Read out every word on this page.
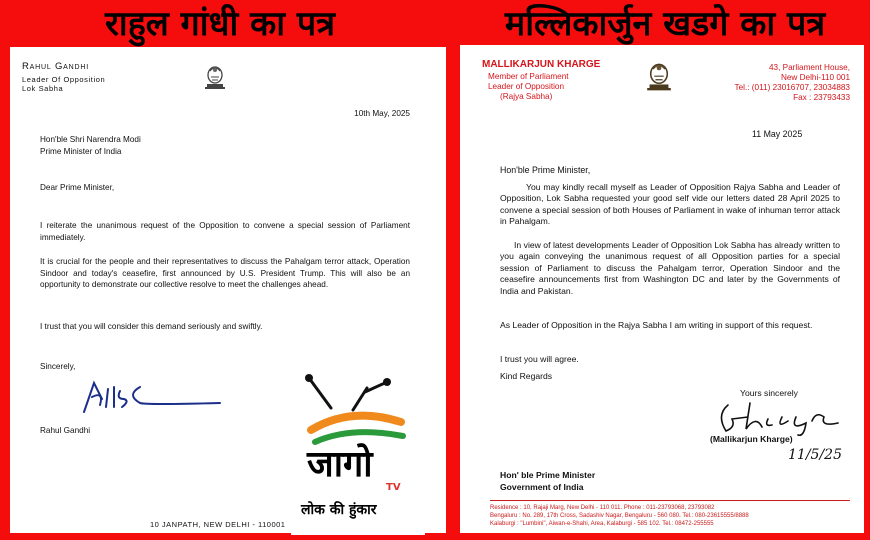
राहुल गांधी का पत्र	मल्लिकार्जुन खडगे का पत्र
Rahul Gandhi
Leader Of Opposition
Lok Sabha
10th May, 2025
Hon'ble Shri Narendra Modi
Prime Minister of India
Dear Prime Minister,
I reiterate the unanimous request of the Opposition to convene a special session of Parliament immediately.
It is crucial for the people and their representatives to discuss the Pahalgam terror attack, Operation Sindoor and today's ceasefire, first announced by U.S. President Trump. This will also be an opportunity to demonstrate our collective resolve to meet the challenges ahead.
I trust that you will consider this demand seriously and swiftly.
Sincerely,
Rahul Gandhi
10 JANPATH, NEW DELHI - 110001
जागो
TV
लोक की हुंकार
MALLIKARJUN KHARGE
Member of Parliament
Leader of Opposition
(Rajya Sabha)
43, Parliament House,
New Delhi-110 001
Tel.: (011) 23016707, 23034883
Fax : 23793433
11 May 2025
Hon'ble Prime Minister,
You may kindly recall myself as Leader of Opposition Rajya Sabha and Leader of Opposition, Lok Sabha requested your good self vide our letters dated 28 April 2025 to convene a special session of both Houses of Parliament in wake of inhuman terror attack in Pahalgam.
In view of latest developments Leader of Opposition Lok Sabha has already written to you again conveying the unanimous request of all Opposition parties for a special session of Parliament to discuss the Pahalgam terror, Operation Sindoor and the ceasefire announcements first from Washington DC and later by the Governments of India and Pakistan.
As Leader of Opposition in the Rajya Sabha I am writing in support of this request.
I trust you will agree.
Kind Regards
Yours sincerely
(Mallikarjun Kharge)
11/5/25
Hon' ble Prime Minister
Government of India
Residence : 10, Rajaji Marg, New Delhi - 110 011. Phone : 011-23793068, 23793082
Bengaluru : No. 289, 17th Cross, Sadashiv Nagar, Bengaluru - 560 080. Tel.: 080-23615555/8888
Kalaburgi : "Lumbini", Aiwan-e-Shahi, Area, Kalaburgi - 585 102. Tel.: 08472-255555
